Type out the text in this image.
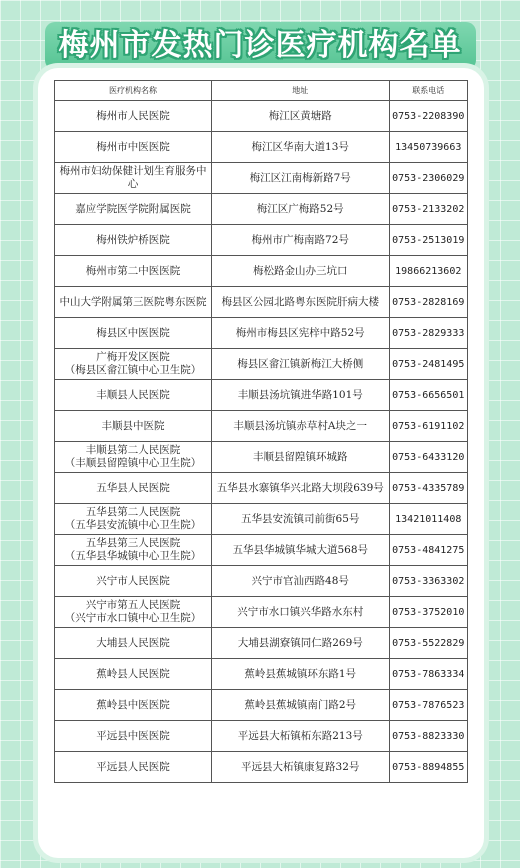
梅州市发热门诊医疗机构名单
医疗机构名称	地址	联系电话
梅州市人民医院	梅江区黄塘路	0753-2208390
梅州市中医医院	梅江区华南大道13号	13450739663
梅州市妇幼保健计划生育服务中心	梅江区江南梅新路7号	0753-2306029
嘉应学院医学院附属医院	梅江区广梅路52号	0753-2133202
梅州铁炉桥医院	梅州市广梅南路72号	0753-2513019
梅州市第二中医医院	梅松路金山办三坑口	19866213602
中山大学附属第三医院粤东医院	梅县区公园北路粤东医院肝病大楼	0753-2828169
梅县区中医医院	梅州市梅县区宪梓中路52号	0753-2829333
广梅开发区医院
（梅县区畲江镇中心卫生院）	梅县区畲江镇新梅江大桥侧	0753-2481495
丰顺县人民医院	丰顺县汤坑镇进华路101号	0753-6656501
丰顺县中医院	丰顺县汤坑镇赤草村A块之一	0753-6191102
丰顺县第二人民医院
（丰顺县留隍镇中心卫生院）	丰顺县留隍镇环城路	0753-6433120
五华县人民医院	五华县水寨镇华兴北路大坝段639号	0753-4335789
五华县第二人民医院
（五华县安流镇中心卫生院）	五华县安流镇司前街65号	13421011408
五华县第三人民医院
（五华县华城镇中心卫生院）	五华县华城镇华城大道568号	0753-4841275
兴宁市人民医院	兴宁市官汕西路48号	0753-3363302
兴宁市第五人民医院
（兴宁市水口镇中心卫生院）	兴宁市水口镇兴华路水东村	0753-3752010
大埔县人民医院	大埔县湖寮镇同仁路269号	0753-5522829
蕉岭县人民医院	蕉岭县蕉城镇环东路1号	0753-7863334
蕉岭县中医医院	蕉岭县蕉城镇南门路2号	0753-7876523
平远县中医医院	平远县大柘镇柘东路213号	0753-8823330
平远县人民医院	平远县大柘镇康复路32号	0753-8894855
